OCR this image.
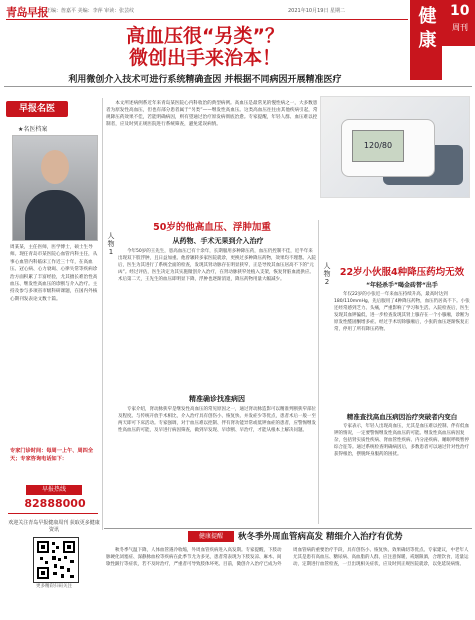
青岛早报
王编：詹嘉平 美编：李萍 审读：张芸纹	2021年10月19日 星期二	10
周刊
健康
高血压很“另类”？
微创出手来治本！
利用微创介入技术可进行系统精确查因 并根据不同病因开展精准医疗
早报名医
★名医档案
周某某，主任医师，医学博士，硕士生导师。现任青岛市某医院心血管内科主任，从事心血管内科临床工作近三十年，在高血压、冠心病、心力衰竭、心律失常等疾病诊治方面积累了丰富经验，尤其擅长难治性高血压、继发性高血压的诊断与介入治疗。主持及参与多项省市级科研课题，在国内外核心期刊发表论文数十篇。
专家门诊时间：每周一上午、周四全天；专家咨询电话如下：
早报热线
82888000
欢迎关注青岛早报健康周刊 获取更多健康资讯
更多精彩扫码关注

本文所述病例系近年来青岛某医院心内科收治的典型病例。高血压是最常见的慢性病之一，大多数患者为原发性高血压，但也有部分患者属于“另类”——继发性高血压。这类高血压往往由其他疾病引起，常规降压药效果不佳，若能明确病因，则有望通过治疗原发病彻底治愈。专家提醒，年轻人群、血压难以控制者，应及时到正规医院进行系统筛查，避免延误病情。

120/80
50岁的他高血压、浮肿加重
人物1
从药物、手术无果到介入治疗

今年50岁的王先生，患高血压已有十余年，长期服用多种降压药，血压仍控制不佳，近半年来出现双下肢浮肿，且日益加重。他曾辗转多家医院就诊，更换过多种降压药物，效果均不理想。入院后，医生为其进行了系统全面的检查，发现其肾动脉存在明显狭窄，正是导致其血压居高不下的“元凶”。经过评估，医生决定为其实施微创介入治疗，在肾动脉狭窄处植入支架，恢复肾脏血流供应。术后第二天，王先生的血压即明显下降，浮肿也逐渐消退，降压药物用量大幅减少。

精准确诊找准病因

专家介绍，肾动脉狭窄是继发性高血压的常见原因之一，通过肾动脉造影可以精准判断狭窄部位及程度。与传统开放手术相比，介入治疗具有创伤小、恢复快、并发症少等优点，患者术后一般一至两天即可下床活动。专家强调，对于血压难以控制、伴有肾功能异常或低钾血症的患者，应警惕继发性高血压的可能，及早进行病因筛查，做到早发现、早诊断、早治疗，才能从根本上解决问题。

人物2
22岁小伙服4种降压药均无效
“年轻杀手”喝金砖替“出手

年仅22岁的小张近一年来血压持续升高，最高时达到180/110mmHg，先后服用了4种降压药物，血压仍居高不下。小张还经常感到乏力、头痛，严重影响了学习和生活。入院检查后，医生发现其血钾偏低，进一步检查发现其肾上腺存在一个小腺瘤，诊断为原发性醛固酮增多症。经过手术切除腺瘤后，小张的血压逐渐恢复正常，停用了所有降压药物。

精准查找高血压病因治疗突破者内变白

专家表示，年轻人出现高血压，尤其是血压难以控制、伴有低血钾的情况，一定要警惕继发性高血压的可能。继发性高血压病因复杂，包括肾实质性疾病、肾血管性疾病、内分泌疾病、睡眠呼吸暂停综合征等。通过系统检查明确病因后，多数患者可以通过针对性治疗获得根治，摆脱终身服药的困扰。

健康提醒	秋冬季外周血管病高发 精细介入治疗有优势

秋冬季气温下降，人体血管遇冷收缩，外周血管疾病进入高发期。专家提醒，下肢动脉硬化闭塞症、深静脉血栓等疾病在此季节尤为多见，患者常表现为下肢发凉、麻木、间歇性跛行等症状，若不及时治疗，严重者可导致肢体坏死。目前，微创介入治疗已成为外周血管病的重要治疗手段，具有创伤小、恢复快、效果确切等优点。专家建议，中老年人尤其是患有高血压、糖尿病、高血脂的人群，应注意保暖，戒烟限酒，合理饮食，适量运动，定期进行血管检查，一旦出现相关症状，应及时到正规医院就诊，以免延误病情。
